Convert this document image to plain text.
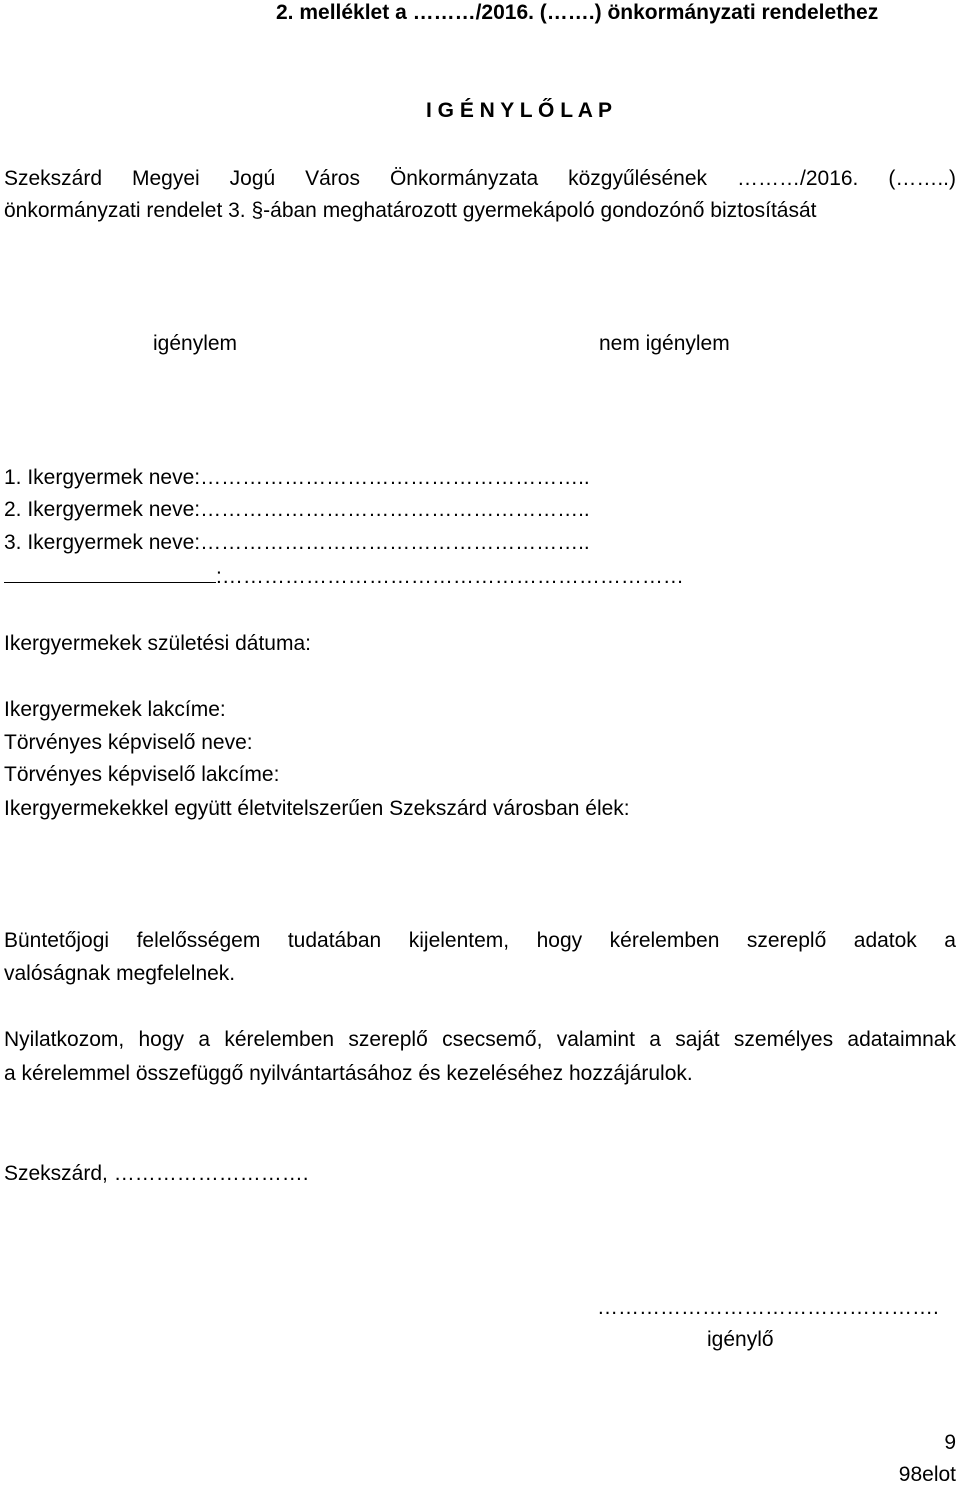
2. melléklet a ………/2016. (…….) önkormányzati rendelethez
I G É N Y L Ő L A P
Szekszárd Megyei Jogú Város Önkormányzata közgyűlésének ………/2016. (……..)
önkormányzati rendelet 3. §-ában meghatározott gyermekápoló gondozónő biztosítását
igénylem	nem igénylem
1. Ikergyermek neve:………………………………………………..
2. Ikergyermek neve:………………………………………………..
3. Ikergyermek neve:………………………………………………..
:…………………………………………………………
Ikergyermekek születési dátuma:
Ikergyermekek lakcíme:
Törvényes képviselő neve:
Törvényes képviselő lakcíme:
Ikergyermekekkel együtt életvitelszerűen Szekszárd városban élek:
Büntetőjogi felelősségem tudatában kijelentem, hogy kérelemben szereplő adatok a
valóságnak megfelelnek.
Nyilatkozom, hogy a kérelemben szereplő csecsemő, valamint a saját személyes adataimnak
a kérelemmel összefüggő nyilvántartásához és kezeléséhez hozzájárulok.
Szekszárd, ……………………….
………………………………………….
igénylő
9
98elot
